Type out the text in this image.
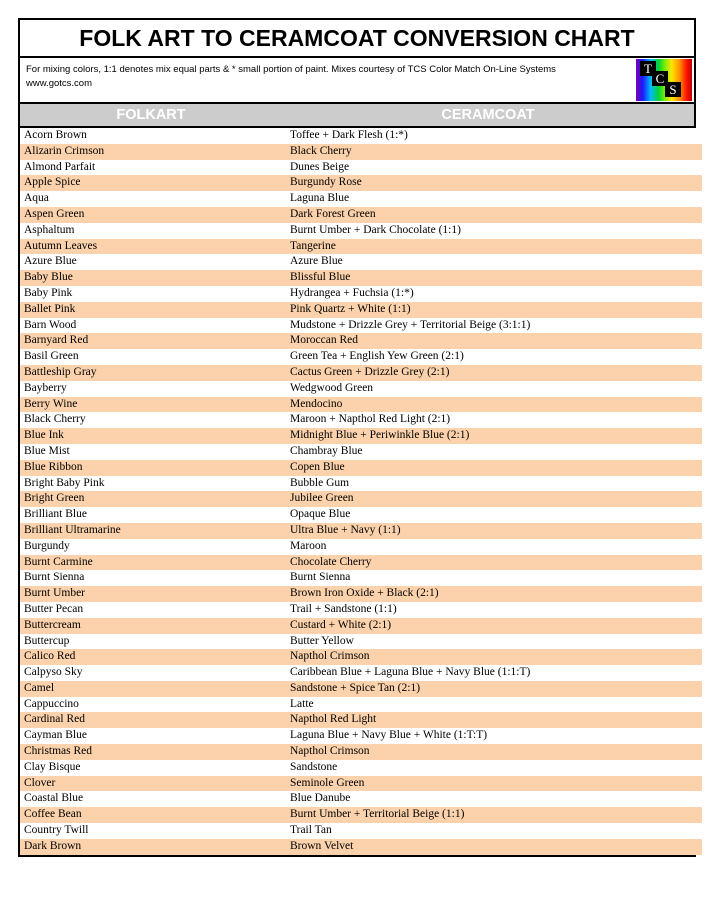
FOLK ART TO CERAMCOAT CONVERSION CHART
For mixing colors, 1:1 denotes mix equal parts & * small portion of paint. Mixes courtesy of TCS Color Match On-Line Systems
www.gotcs.com
T
C
S
FOLKART	CERAMCOAT
Acorn Brown	Toffee + Dark Flesh (1:*)
Alizarin Crimson	Black Cherry
Almond Parfait	Dunes Beige
Apple Spice	Burgundy Rose
Aqua	Laguna Blue
Aspen Green	Dark Forest Green
Asphaltum	Burnt Umber + Dark Chocolate (1:1)
Autumn Leaves	Tangerine
Azure Blue	Azure Blue
Baby Blue	Blissful Blue
Baby Pink	Hydrangea + Fuchsia (1:*)
Ballet Pink	Pink Quartz + White (1:1)
Barn Wood	Mudstone + Drizzle Grey + Territorial Beige (3:1:1)
Barnyard Red	Moroccan Red
Basil Green	Green Tea + English Yew Green (2:1)
Battleship Gray	Cactus Green + Drizzle Grey (2:1)
Bayberry	Wedgwood Green
Berry Wine	Mendocino
Black Cherry	Maroon + Napthol Red Light (2:1)
Blue Ink	Midnight Blue + Periwinkle Blue (2:1)
Blue Mist	Chambray Blue
Blue Ribbon	Copen Blue
Bright Baby Pink	Bubble Gum
Bright Green	Jubilee Green
Brilliant Blue	Opaque Blue
Brilliant Ultramarine	Ultra Blue + Navy (1:1)
Burgundy	Maroon
Burnt Carmine	Chocolate Cherry
Burnt Sienna	Burnt Sienna
Burnt Umber	Brown Iron Oxide + Black (2:1)
Butter Pecan	Trail + Sandstone (1:1)
Buttercream	Custard + White (2:1)
Buttercup	Butter Yellow
Calico Red	Napthol Crimson
Calpyso Sky	Caribbean Blue + Laguna Blue + Navy Blue (1:1:T)
Camel	Sandstone + Spice Tan (2:1)
Cappuccino	Latte
Cardinal Red	Napthol Red Light
Cayman Blue	Laguna Blue + Navy Blue + White (1:T:T)
Christmas Red	Napthol Crimson
Clay Bisque	Sandstone
Clover	Seminole Green
Coastal Blue	Blue Danube
Coffee Bean	Burnt Umber + Territorial Beige (1:1)
Country Twill	Trail Tan
Dark Brown	Brown Velvet
